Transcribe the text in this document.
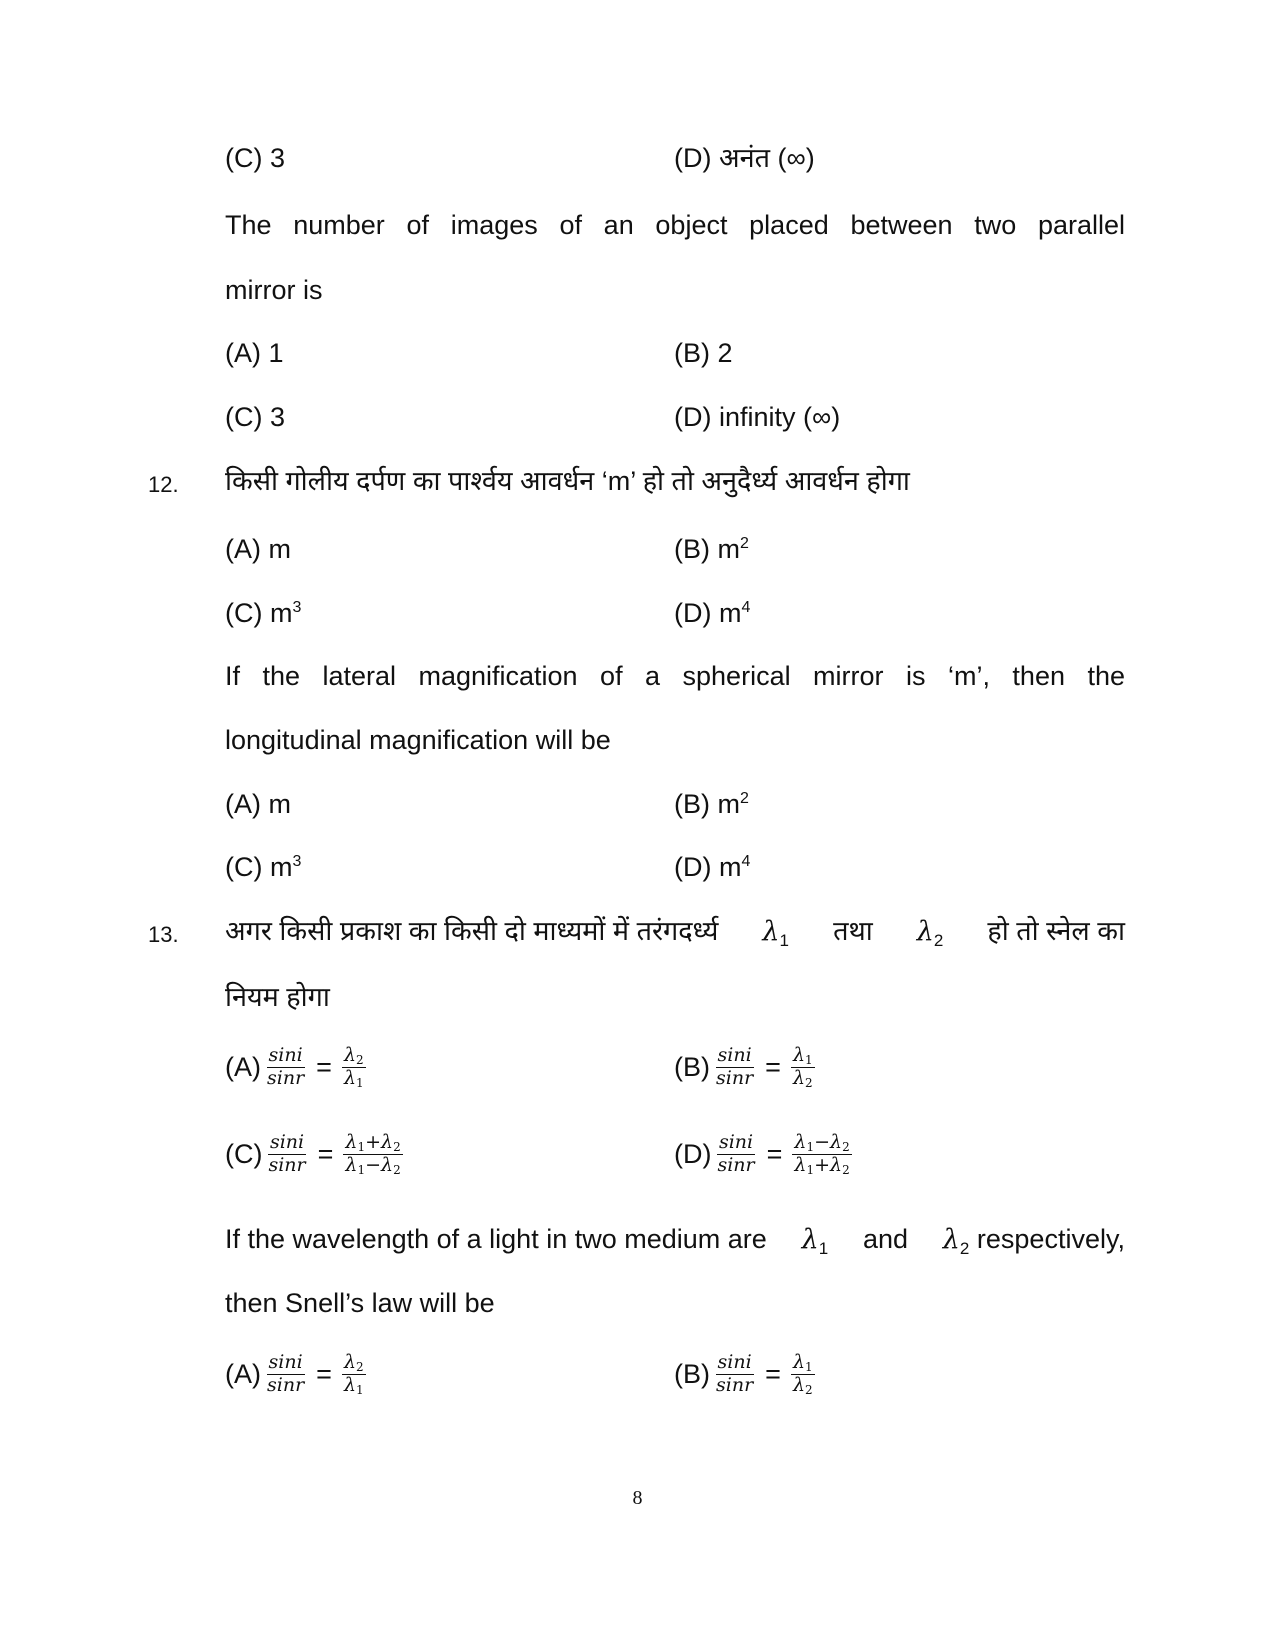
(C) 3	(D) अनंत (∞)
The number of images of an object placed between two parallel
mirror is
(A) 1	(B) 2
(C) 3	(D) infinity (∞)
12. किसी गोलीय दर्पण का पार्श्वय आवर्धन ‘m’ हो तो अनुदैर्ध्य आवर्धन होगा
(A) m	(B) $m^2$
(C) $m^3$	(D) $m^4$
If the lateral magnification of a spherical mirror is ‘m’, then the
longitudinal magnification will be
(A) m	(B) $m^2$
(C) $m^3$	(D) $m^4$
13. अगर किसी प्रकाश का किसी दो माध्यमों में तरंगदर्ध्य $\lambda_1$ तथा $\lambda_2$ हो तो स्नेल का
नियम होगा
$(A) \frac{\sin i}{\sin r} = \frac{\lambda 2}{\lambda 1}$	$(B) \frac{\sin i}{\sin r} = \frac{\lambda 1}{\lambda 2}$
$(C) \frac{\sin i}{\sin r} = \frac{\lambda 1+\lambda 2}{\lambda 1-\lambda 2}$	$(D) \frac{\sin i}{\sin r} = \frac{\lambda 1-\lambda 2}{\lambda 1+\lambda 2}$
If the wavelength of a light in two medium are $\lambda_1$ and $\lambda_2$ respectively,
then Snell’s law will be
$(A) \frac{\sin i}{\sin r} = \frac{\lambda 2}{\lambda 1}$	$(B) \frac{\sin i}{\sin r} = \frac{\lambda 1}{\lambda 2}$
8
